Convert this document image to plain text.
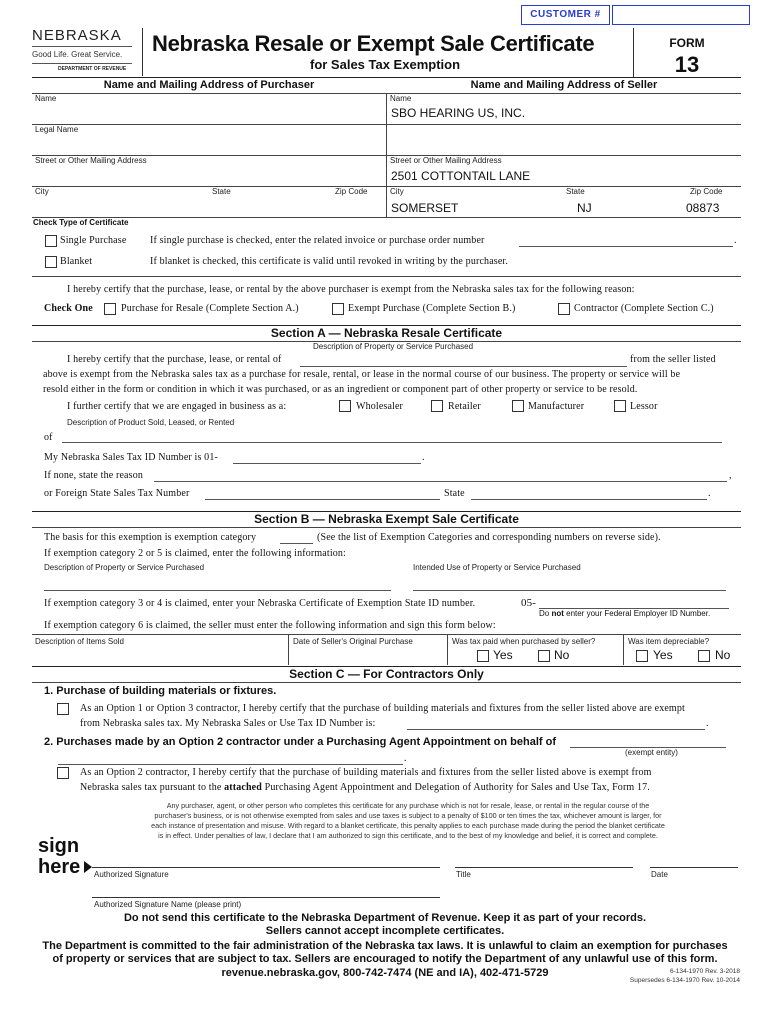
CUSTOMER #
NEBRASKA
Good Life. Great Service.
DEPARTMENT OF REVENUE
Nebraska Resale or Exempt Sale Certificate
for Sales Tax Exemption
FORM
13
Name and Mailing Address of Purchaser	Name and Mailing Address of Seller
Name
Legal Name
Street or Other Mailing Address
City	State	Zip Code
Name
SBO HEARING US, INC.
Street or Other Mailing Address
2501 COTTONTAIL LANE
City	State	Zip Code
SOMERSET	NJ	08873
Check Type of Certificate
Single Purchase If single purchase is checked, enter the related invoice or purchase order number	.
Blanket	If blanket is checked, this certificate is valid until revoked in writing by the purchaser.
I hereby certify that the purchase, lease, or rental by the above purchaser is exempt from the Nebraska sales tax for the following reason:
Check One	Purchase for Resale (Complete Section A.)	Exempt Purchase (Complete Section B.)	Contractor (Complete Section C.)
Section A — Nebraska Resale Certificate
Description of Property or Service Purchased
I hereby certify that the purchase, lease, or rental of	from the seller listed
above is exempt from the Nebraska sales tax as a purchase for resale, rental, or lease in the normal course of our business. The property or service will be
resold either in the form or condition in which it was purchased, or as an ingredient or component part of other property or service to be resold.
I further certify that we are engaged in business as a:	Wholesaler	Retailer	Manufacturer	Lessor
Description of Product Sold, Leased, or Rented
of
My Nebraska Sales Tax ID Number is 01-	.
If none, state the reason	,
or Foreign State Sales Tax Number	State	.
Section B — Nebraska Exempt Sale Certificate
The basis for this exemption is exemption category	(See the list of Exemption Categories and corresponding numbers on reverse side).
If exemption category 2 or 5 is claimed, enter the following information:
Description of Property or Service Purchased	Intended Use of Property or Service Purchased
If exemption category 3 or 4 is claimed, enter your Nebraska Certificate of Exemption State ID number.	05-
Do not enter your Federal Employer ID Number.
If exemption category 6 is claimed, the seller must enter the following information and sign this form below:
Description of Items Sold	Date of Seller's Original Purchase	Was tax paid when purchased by seller?	Was item depreciable?
Yes	No	Yes	No
Section C — For Contractors Only
1. Purchase of building materials or fixtures.
As an Option 1 or Option 3 contractor, I hereby certify that the purchase of building materials and fixtures from the seller listed above are exempt
from Nebraska sales tax. My Nebraska Sales or Use Tax ID Number is:	.
2. Purchases made by an Option 2 contractor under a Purchasing Agent Appointment on behalf of
(exempt entity)
.
As an Option 2 contractor, I hereby certify that the purchase of building materials and fixtures from the seller listed above is exempt from
Nebraska sales tax pursuant to the attached Purchasing Agent Appointment and Delegation of Authority for Sales and Use Tax, Form 17.
Any purchaser, agent, or other person who completes this certificate for any purchase which is not for resale, lease, or rental in the regular course of the
purchaser's business, or is not otherwise exempted from sales and use taxes is subject to a penalty of $100 or ten times the tax, whichever amount is larger, for
each instance of presentation and misuse. With regard to a blanket certificate, this penalty applies to each purchase made during the period the blanket certificate
is in effect. Under penalties of law, I declare that I am authorized to sign this certificate, and to the best of my knowledge and belief, it is correct and complete.
sign
here Authorized Signature	Title	Date
Authorized Signature Name (please print)
Do not send this certificate to the Nebraska Department of Revenue. Keep it as part of your records.
Sellers cannot accept incomplete certificates.
The Department is committed to the fair administration of the Nebraska tax laws. It is unlawful to claim an exemption for purchases
of property or services that are subject to tax. Sellers are encouraged to notify the Department of any unlawful use of this form.
revenue.nebraska.gov, 800-742-7474 (NE and IA), 402-471-5729	6-134-1970 Rev. 3-2018
Supersedes 6-134-1970 Rev. 10-2014
